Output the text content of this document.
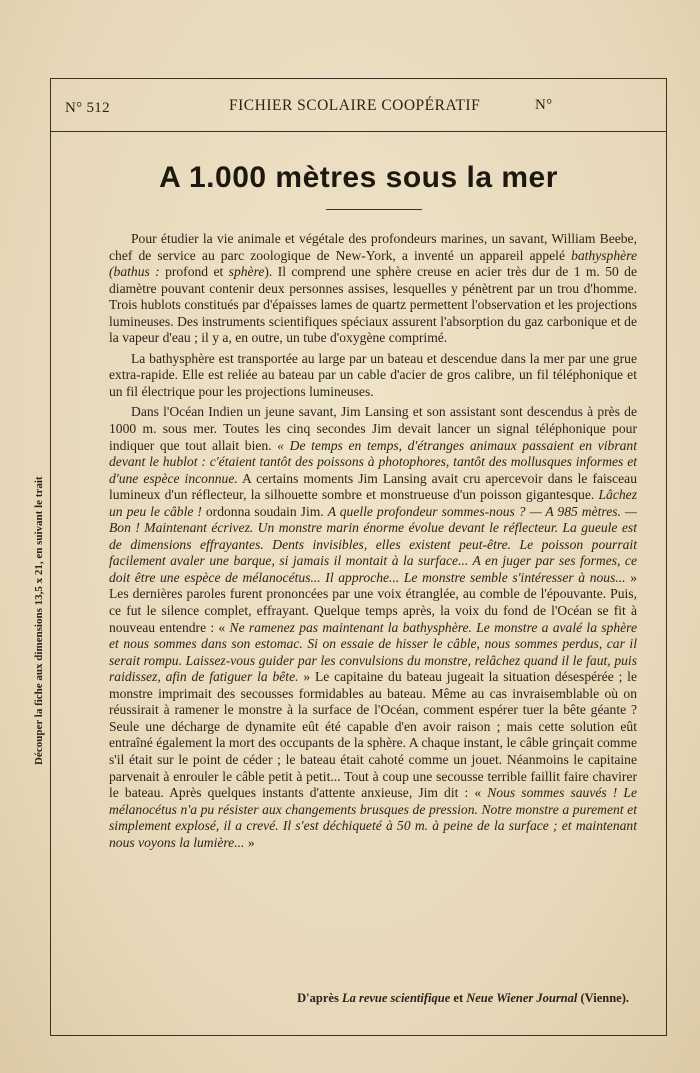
Découper la fiche aux dimensions 13,5 x 21, en suivant le trait
N° 512	FICHIER SCOLAIRE COOPÉRATIF	N°
A 1.000 mètres sous la mer

Pour étudier la vie animale et végétale des profondeurs marines, un savant, William Beebe, chef de service au parc zoologique de New-York, a inventé un appareil appelé bathysphère (bathus : profond et sphère). Il comprend une sphère creuse en acier très dur de 1 m. 50 de diamètre pouvant contenir deux personnes assises, lesquelles y pénètrent par un trou d'homme. Trois hublots constitués par d'épaisses lames de quartz permettent l'observation et les projections lumineuses. Des instruments scientifiques spéciaux assurent l'absorption du gaz carbonique et de la vapeur d'eau ; il y a, en outre, un tube d'oxygène comprimé.

La bathysphère est transportée au large par un bateau et descendue dans la mer par une grue extra-rapide. Elle est reliée au bateau par un cable d'acier de gros calibre, un fil téléphonique et un fil électrique pour les projections lumineuses.

Dans l'Océan Indien un jeune savant, Jim Lansing et son assistant sont descendus à près de 1000 m. sous mer. Toutes les cinq secondes Jim devait lancer un signal téléphonique pour indiquer que tout allait bien. « De temps en temps, d'étranges animaux passaient en vibrant devant le hublot : c'étaient tantôt des poissons à photophores, tantôt des mollusques informes et d'une espèce inconnue. A certains moments Jim Lansing avait cru apercevoir dans le faisceau lumineux d'un réflecteur, la silhouette sombre et monstrueuse d'un poisson gigantesque. Lâchez un peu le câble ! ordonna soudain Jim. A quelle profondeur sommes-nous ? — A 985 mètres. — Bon ! Maintenant écrivez. Un monstre marin énorme évolue devant le réflecteur. La gueule est de dimensions effrayantes. Dents invisibles, elles existent peut-être. Le poisson pourrait facilement avaler une barque, si jamais il montait à la surface... A en juger par ses formes, ce doit être une espèce de mélanocétus... Il approche... Le monstre semble s'intéresser à nous... » Les dernières paroles furent prononcées par une voix étranglée, au comble de l'épouvante. Puis, ce fut le silence complet, effrayant. Quelque temps après, la voix du fond de l'Océan se fit à nouveau entendre : « Ne ramenez pas maintenant la bathysphère. Le monstre a avalé la sphère et nous sommes dans son estomac. Si on essaie de hisser le câble, nous sommes perdus, car il serait rompu. Laissez-vous guider par les convulsions du monstre, relâchez quand il le faut, puis raidissez, afin de fatiguer la bête. » Le capitaine du bateau jugeait la situation désespérée ; le monstre imprimait des secousses formidables au bateau. Même au cas invraisemblable où on réussirait à ramener le monstre à la surface de l'Océan, comment espérer tuer la bête géante ? Seule une décharge de dynamite eût été capable d'en avoir raison ; mais cette solution eût entraîné également la mort des occupants de la sphère. A chaque instant, le câble grinçait comme s'il était sur le point de céder ; le bateau était cahoté comme un jouet. Néanmoins le capitaine parvenait à enrouler le câble petit à petit... Tout à coup une secousse terrible faillit faire chavirer le bateau. Après quelques instants d'attente anxieuse, Jim dit : « Nous sommes sauvés ! Le mélanocétus n'a pu résister aux changements brusques de pression. Notre monstre a purement et simplement explosé, il a crevé. Il s'est déchiqueté à 50 m. à peine de la surface ; et maintenant nous voyons la lumière... »

D'après La revue scientifique et Neue Wiener Journal (Vienne).
